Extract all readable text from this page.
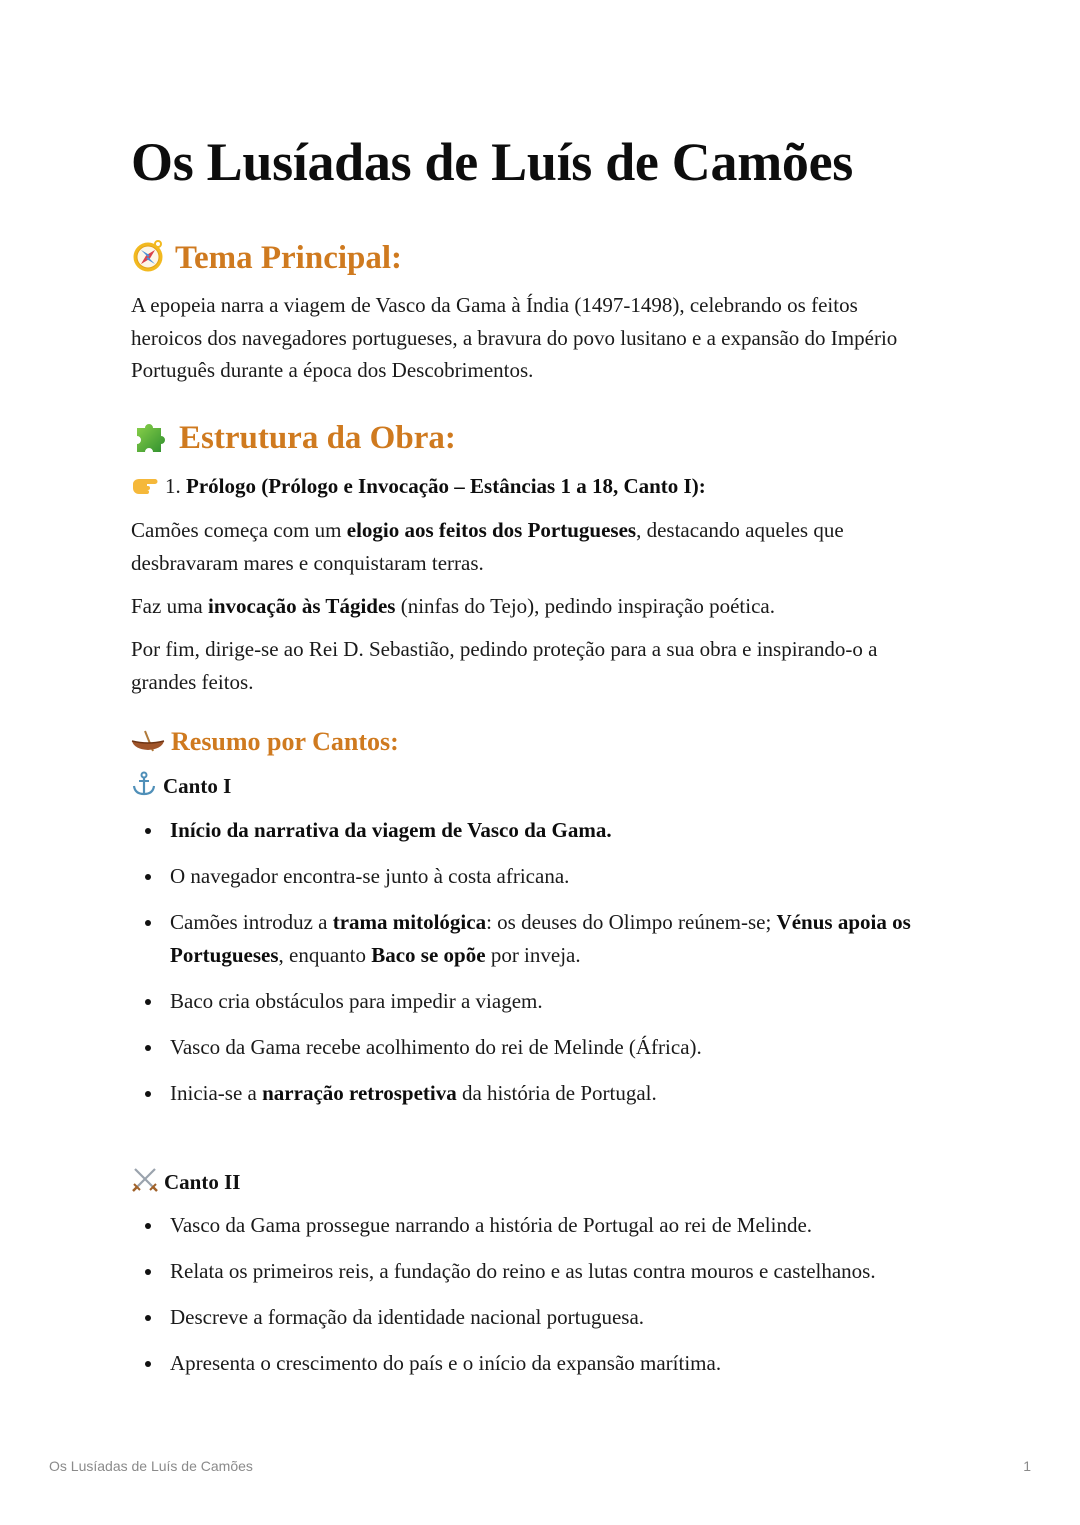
Os Lusíadas de Luís de Camões
Tema Principal:

A epopeia narra a viagem de Vasco da Gama à Índia (1497-1498), celebrando os feitos heroicos dos navegadores portugueses, a bravura do povo lusitano e a expansão do Império Português durante a época dos Descobrimentos.

Estrutura da Obra:
1. Prólogo (Prólogo e Invocação – Estâncias 1 a 18, Canto I):

Camões começa com um elogio aos feitos dos Portugueses, destacando aqueles que desbravaram mares e conquistaram terras.

Faz uma invocação às Tágides (ninfas do Tejo), pedindo inspiração poética.

Por fim, dirige-se ao Rei D. Sebastião, pedindo proteção para a sua obra e inspirando-o a grandes feitos.

Resumo por Cantos:
Canto I
Início da narrativa da viagem de Vasco da Gama.
O navegador encontra-se junto à costa africana.
Camões introduz a trama mitológica: os deuses do Olimpo reúnem-se; Vénus apoia os Portugueses, enquanto Baco se opõe por inveja.
Baco cria obstáculos para impedir a viagem.
Vasco da Gama recebe acolhimento do rei de Melinde (África).
Inicia-se a narração retrospetiva da história de Portugal.
Canto II
Vasco da Gama prossegue narrando a história de Portugal ao rei de Melinde.
Relata os primeiros reis, a fundação do reino e as lutas contra mouros e castelhanos.
Descreve a formação da identidade nacional portuguesa.
Apresenta o crescimento do país e o início da expansão marítima.
Os Lusíadas de Luís de Camões	1
